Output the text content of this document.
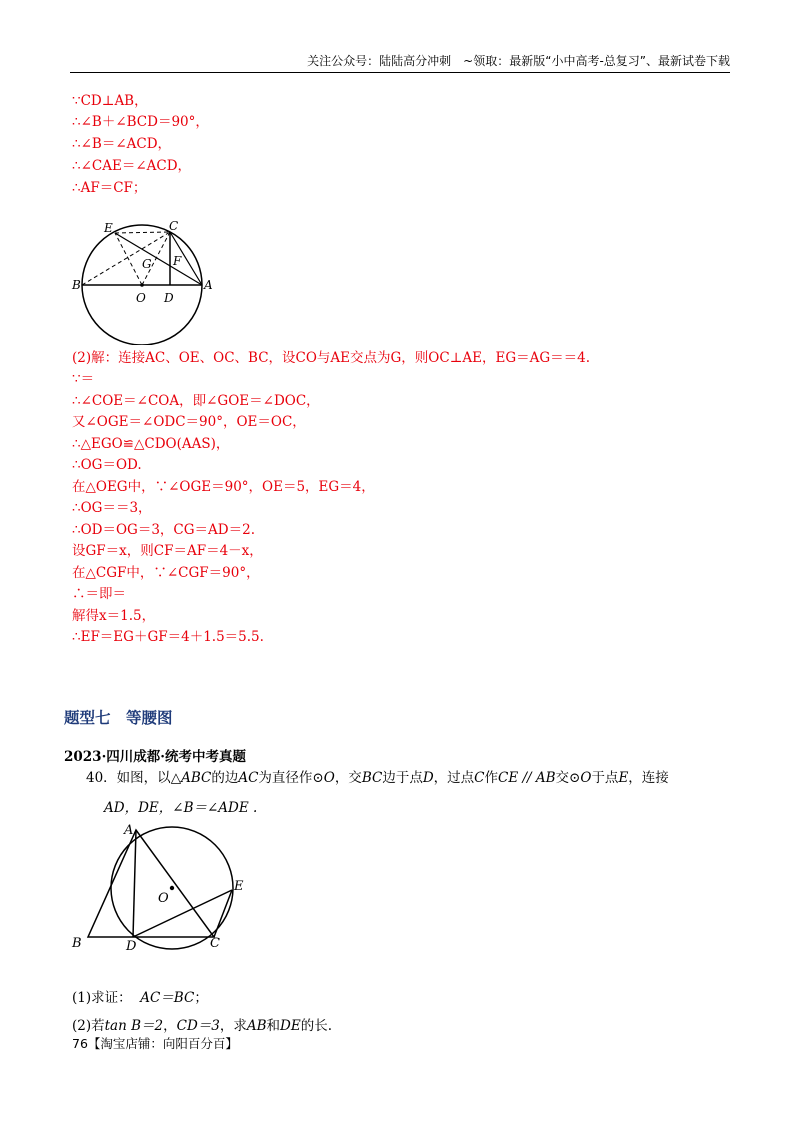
关注公众号：陆陆高分冲刺　~领取：最新版“小中高考-总复习”、最新试卷下载
∵CD⊥AB，
∴∠B＋∠BCD＝90°，
∴∠B＝∠ACD，
∴∠CAE＝∠ACD，
∴AF＝CF；
E	C
G F
B
O D
A
(2)解：连接AC、OE、OC、BC，设CO与AE交点为G，则OC⊥AE，EG＝AG＝＝4.
∵＝
∴∠COE＝∠COA，即∠GOE＝∠DOC，
又∠OGE＝∠ODC＝90°，OE＝OC，
∴△EGO≌△CDO(AAS)，
∴OG＝OD.
在△OEG中，∵∠OGE＝90°，OE＝5，EG＝4，
∴OG＝＝3，
∴OD＝OG＝3，CG＝AD＝2.
设GF＝x，则CF＝AF＝4－x，
在△CGF中，∵∠CGF＝90°，
∴＝即＝
解得x＝1.5，
∴EF＝EG＋GF＝4＋1.5＝5.5.
题型七　等腰图
2023·四川成都·统考中考真题
40．如图，以△ABC的边AC为直径作⊙O，交BC边于点D，过点C作CE // AB交⊙O于点E，连接
AD，DE，∠B＝∠ADE .
A
E
O
B	D	C
(1)求证： AC＝BC；
(2)若tan B＝2，CD＝3，求AB和DE的长.
76【淘宝店铺：向阳百分百】
